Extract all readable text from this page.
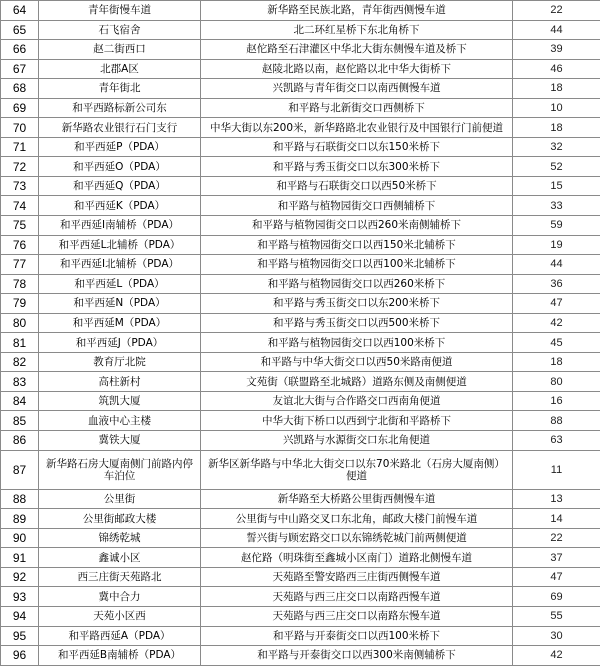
64	青年街慢车道	新华路至民族北路，青年街西侧慢车道	22
65	石飞宿舍	北二环红星桥下东北角桥下	44
66	赵二街西口	赵佗路至石津灌区中华北大街东侧慢车道及桥下	39
67	北郡A区	赵陵北路以南，赵佗路以北中华大街桥下	46
68	青年街北	兴凯路与青年街交口以南西侧慢车道	18
69	和平西路标新公司东	和平路与北新街交口西侧桥下	10
70	新华路农业银行石门支行	中华大街以东200米，新华路路北农业银行及中国银行门前便道	18
71	和平西延P（PDA）	和平路与石联街交口以东150米桥下	32
72	和平西延O（PDA）	和平路与秀玉街交口以东300米桥下	52
73	和平西延Q（PDA）	和平路与石联街交口以西50米桥下	15
74	和平西延K（PDA）	和平路与植物园街交口西侧辅桥下	33
75	和平西延I南辅桥（PDA）	和平路与植物园街交口以西260米南侧辅桥下	59
76	和平西延L北辅桥（PDA）	和平路与植物园街交口以西150米北辅桥下	19
77	和平西延I北辅桥（PDA）	和平路与植物园街交口以西100米北辅桥下	44
78	和平西延L（PDA）	和平路与植物园街交口以西260米桥下	36
79	和平西延N（PDA）	和平路与秀玉街交口以东200米桥下	47
80	和平西延M（PDA）	和平路与秀玉街交口以西500米桥下	42
81	和平西延J（PDA）	和平路与植物园街交口以西100米桥下	45
82	教育厅北院	和平路与中华大街交口以西50米路南便道	18
83	高柱新村	文苑街（联盟路至北城路）道路东侧及南侧便道	80
84	筑凯大厦	友谊北大街与合作路交口西南角便道	16
85	血液中心主楼	中华大街下桥口以西到宁北街和平路桥下	88
86	冀铁大厦	兴凯路与水源街交口东北角便道	63
87	新华路石房大厦南侧门前路内停车泊位	新华区新华路与中华北大街交口以东70米路北（石房大厦南侧）便道	11
88	公里街	新华路至大桥路公里街西侧慢车道	13
89	公里街邮政大楼	公里街与中山路交叉口东北角，邮政大楼门前慢车道	14
90	锦绣乾城	誓兴街与顾宏路交口以东锦绣乾城门前两侧便道	22
91	鑫诚小区	赵佗路（明珠街至鑫城小区南门）道路北侧慢车道	37
92	西三庄街天苑路北	天苑路至警安路西三庄街西侧慢车道	47
93	冀中合力	天苑路与西三庄交口以南路西慢车道	69
94	天苑小区西	天苑路与西三庄交口以南路东慢车道	55
95	和平路西延A（PDA）	和平路与开泰街交口以西100米桥下	30
96	和平西延B南辅桥（PDA）	和平路与开泰街交口以西300米南侧辅桥下	42
